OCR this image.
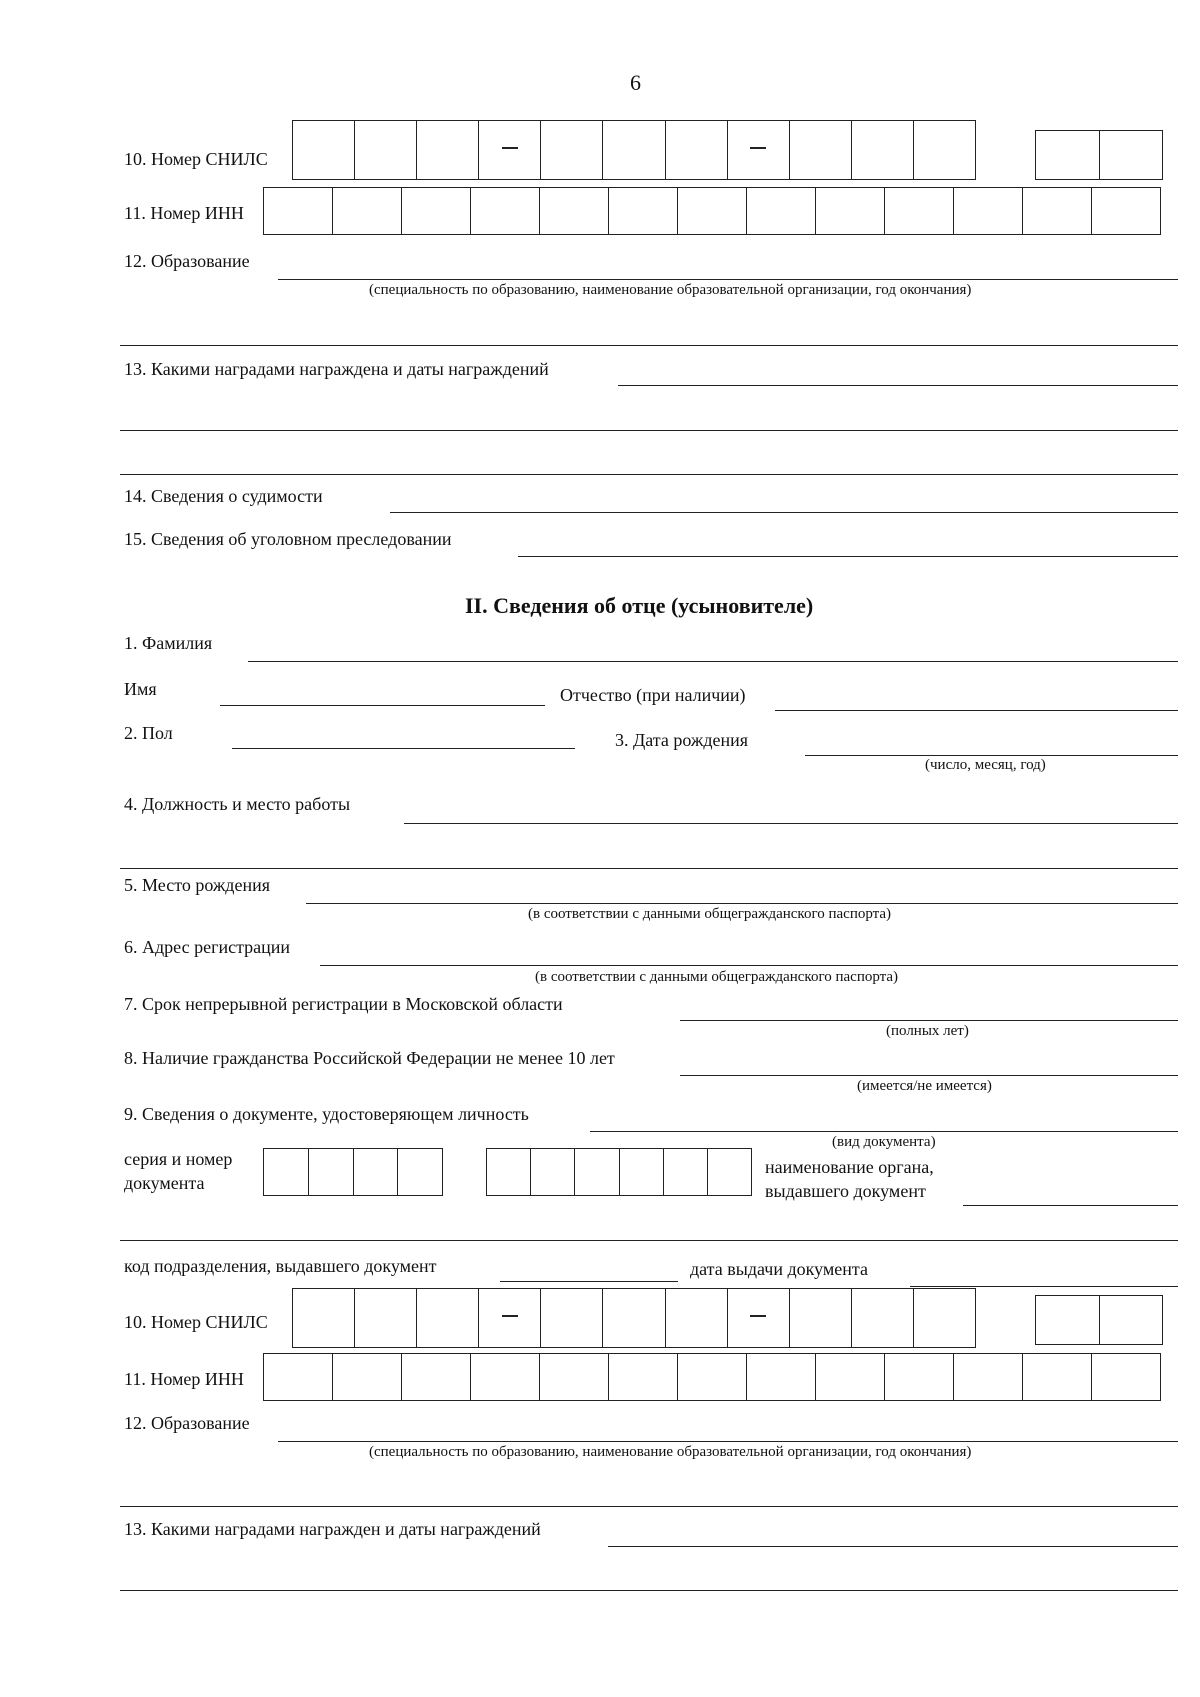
6
10. Номер СНИЛС
11. Номер ИНН
12. Образование
(специальность по образованию, наименование образовательной организации, год окончания)
13. Какими наградами награждена и даты награждений
14. Сведения о судимости
15. Сведения об уголовном преследовании
II. Сведения об отце (усыновителе)
1. Фамилия
Имя	Отчество (при наличии)
2. Пол	3. Дата рождения
(число, месяц, год)
4. Должность и место работы
5. Место рождения
(в соответствии с данными общегражданского паспорта)
6. Адрес регистрации
(в соответствии с данными общегражданского паспорта)
7. Срок непрерывной регистрации в Московской области
(полных лет)
8. Наличие гражданства Российской Федерации не менее 10 лет
(имеется/не имеется)
9. Сведения о документе, удостоверяющем личность
(вид документа)
серия и номер
документа
наименование органа,
выдавшего документ
код подразделения, выдавшего документ	дата выдачи документа
10. Номер СНИЛС
11. Номер ИНН
12. Образование
(специальность по образованию, наименование образовательной организации, год окончания)
13. Какими наградами награжден и даты награждений
